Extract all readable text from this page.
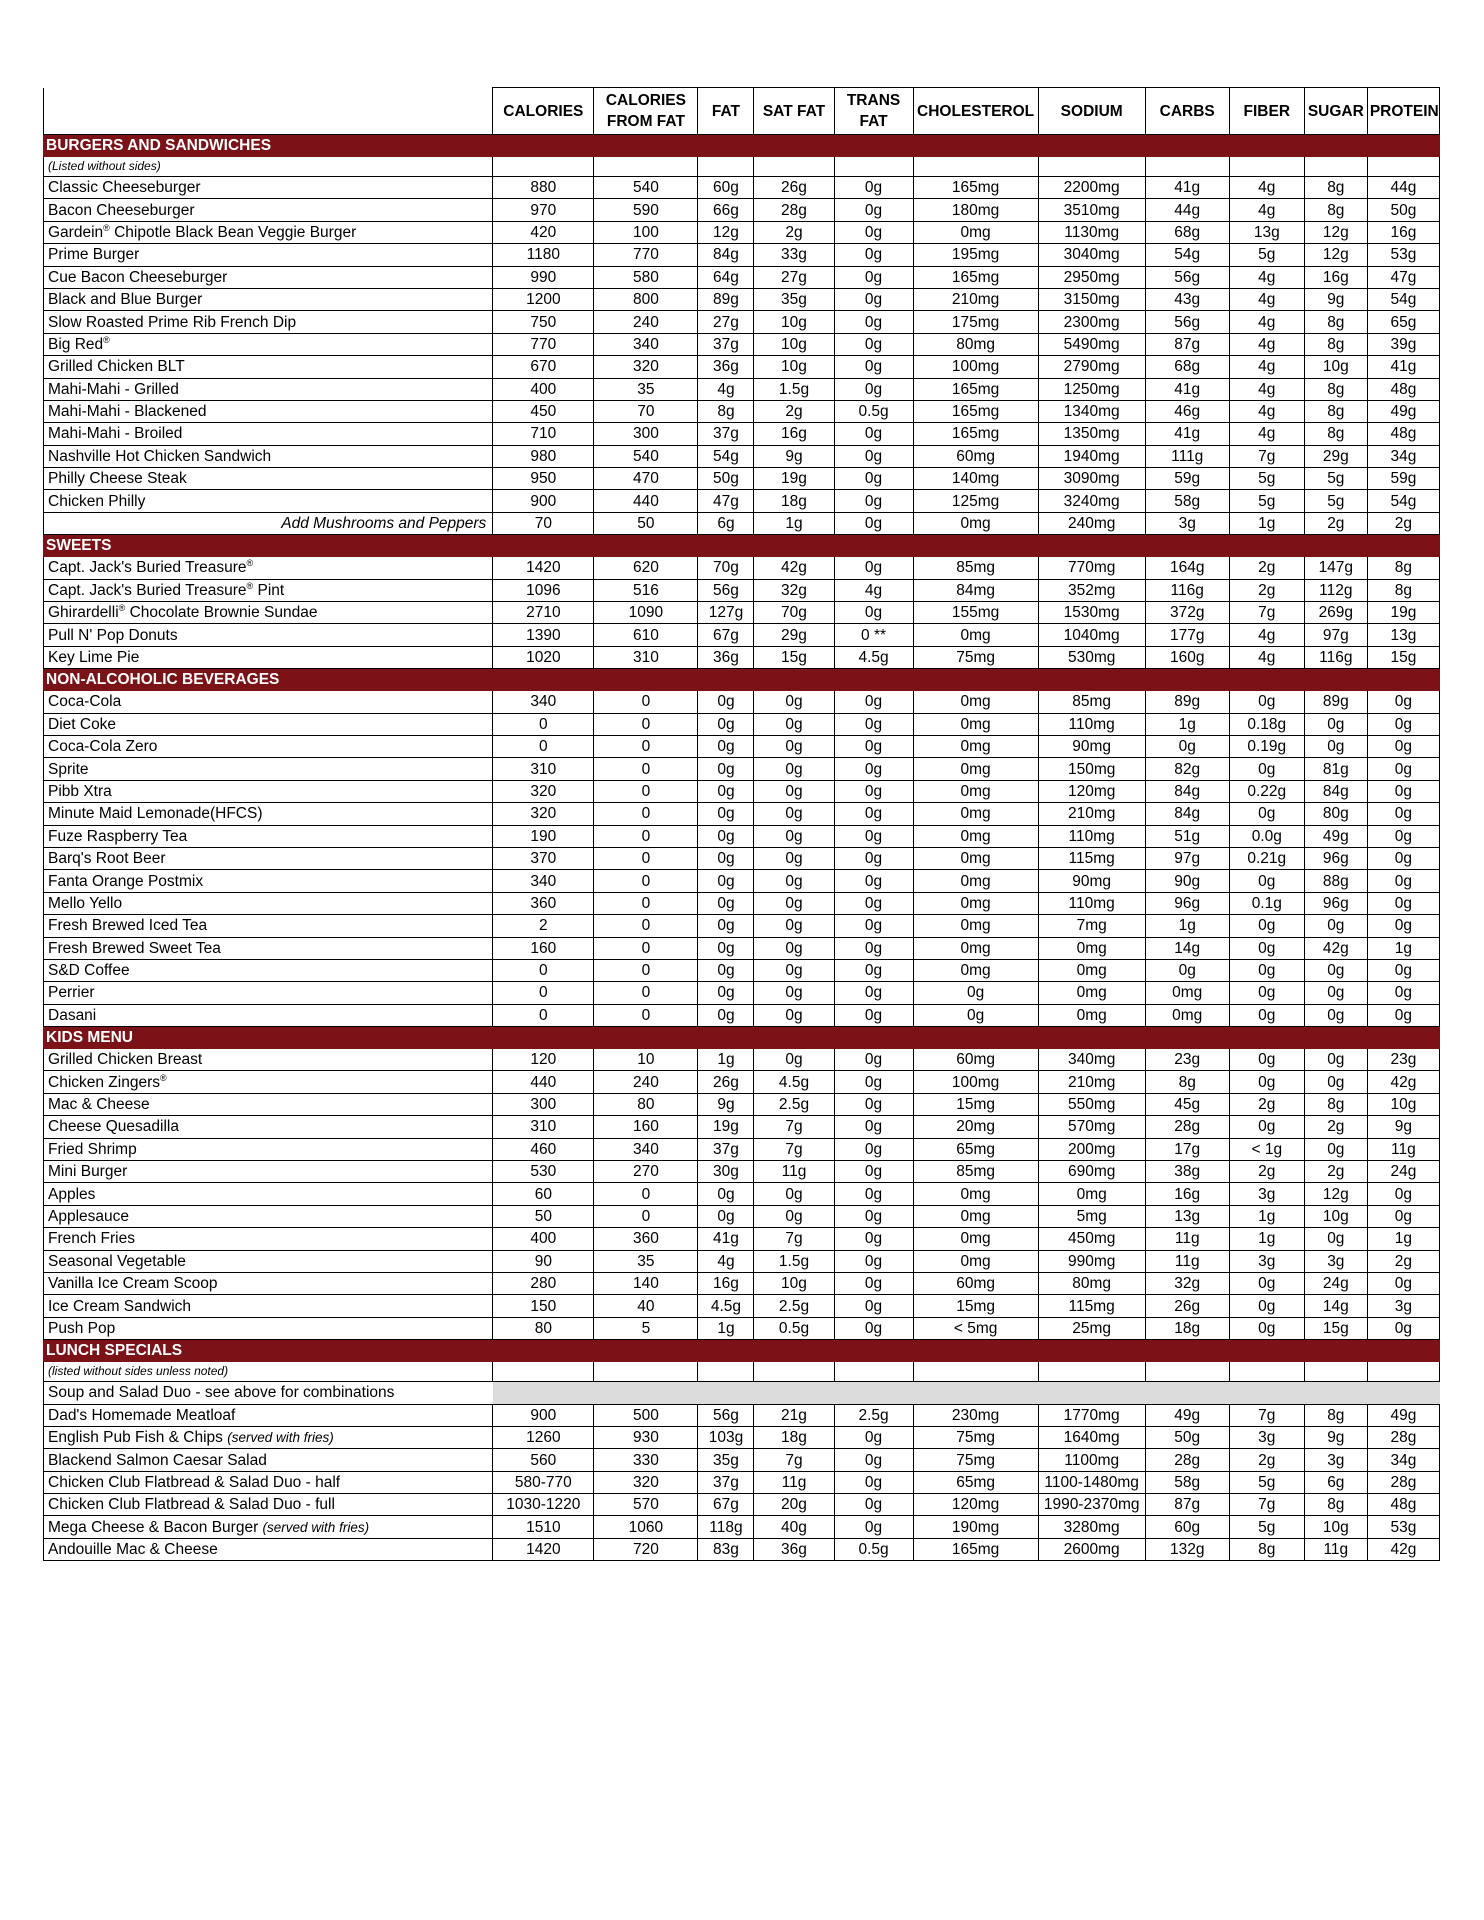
	CALORIES	CALORIES FROM FAT	FAT	SAT FAT	TRANS FAT	CHOLESTEROL	SODIUM	CARBS	FIBER	SUGAR	PROTEIN
BURGERS AND SANDWICHES											
(Listed without sides)											
Classic Cheeseburger	880	540	60g	26g	0g	165mg	2200mg	41g	4g	8g	44g
Bacon Cheeseburger	970	590	66g	28g	0g	180mg	3510mg	44g	4g	8g	50g
Gardein® Chipotle Black Bean Veggie Burger	420	100	12g	2g	0g	0mg	1130mg	68g	13g	12g	16g
Prime Burger	1180	770	84g	33g	0g	195mg	3040mg	54g	5g	12g	53g
Cue Bacon Cheeseburger	990	580	64g	27g	0g	165mg	2950mg	56g	4g	16g	47g
Black and Blue Burger	1200	800	89g	35g	0g	210mg	3150mg	43g	4g	9g	54g
Slow Roasted Prime Rib French Dip	750	240	27g	10g	0g	175mg	2300mg	56g	4g	8g	65g
Big Red®	770	340	37g	10g	0g	80mg	5490mg	87g	4g	8g	39g
Grilled Chicken BLT	670	320	36g	10g	0g	100mg	2790mg	68g	4g	10g	41g
Mahi-Mahi - Grilled	400	35	4g	1.5g	0g	165mg	1250mg	41g	4g	8g	48g
Mahi-Mahi - Blackened	450	70	8g	2g	0.5g	165mg	1340mg	46g	4g	8g	49g
Mahi-Mahi - Broiled	710	300	37g	16g	0g	165mg	1350mg	41g	4g	8g	48g
Nashville Hot Chicken Sandwich	980	540	54g	9g	0g	60mg	1940mg	111g	7g	29g	34g
Philly Cheese Steak	950	470	50g	19g	0g	140mg	3090mg	59g	5g	5g	59g
Chicken Philly	900	440	47g	18g	0g	125mg	3240mg	58g	5g	5g	54g
Add Mushrooms and Peppers	70	50	6g	1g	0g	0mg	240mg	3g	1g	2g	2g
SWEETS											
Capt. Jack's Buried Treasure®	1420	620	70g	42g	0g	85mg	770mg	164g	2g	147g	8g
Capt. Jack's Buried Treasure® Pint	1096	516	56g	32g	4g	84mg	352mg	116g	2g	112g	8g
Ghirardelli® Chocolate Brownie Sundae	2710	1090	127g	70g	0g	155mg	1530mg	372g	7g	269g	19g
Pull N' Pop Donuts	1390	610	67g	29g	0 **	0mg	1040mg	177g	4g	97g	13g
Key Lime Pie	1020	310	36g	15g	4.5g	75mg	530mg	160g	4g	116g	15g
NON-ALCOHOLIC BEVERAGES											
Coca-Cola	340	0	0g	0g	0g	0mg	85mg	89g	0g	89g	0g
Diet Coke	0	0	0g	0g	0g	0mg	110mg	1g	0.18g	0g	0g
Coca-Cola Zero	0	0	0g	0g	0g	0mg	90mg	0g	0.19g	0g	0g
Sprite	310	0	0g	0g	0g	0mg	150mg	82g	0g	81g	0g
Pibb Xtra	320	0	0g	0g	0g	0mg	120mg	84g	0.22g	84g	0g
Minute Maid Lemonade(HFCS)	320	0	0g	0g	0g	0mg	210mg	84g	0g	80g	0g
Fuze Raspberry Tea	190	0	0g	0g	0g	0mg	110mg	51g	0.0g	49g	0g
Barq's Root Beer	370	0	0g	0g	0g	0mg	115mg	97g	0.21g	96g	0g
Fanta Orange Postmix	340	0	0g	0g	0g	0mg	90mg	90g	0g	88g	0g
Mello Yello	360	0	0g	0g	0g	0mg	110mg	96g	0.1g	96g	0g
Fresh Brewed Iced Tea	2	0	0g	0g	0g	0mg	7mg	1g	0g	0g	0g
Fresh Brewed Sweet Tea	160	0	0g	0g	0g	0mg	0mg	14g	0g	42g	1g
S&D Coffee	0	0	0g	0g	0g	0mg	0mg	0g	0g	0g	0g
Perrier	0	0	0g	0g	0g	0g	0mg	0mg	0g	0g	0g
Dasani	0	0	0g	0g	0g	0g	0mg	0mg	0g	0g	0g
KIDS MENU											
Grilled Chicken Breast	120	10	1g	0g	0g	60mg	340mg	23g	0g	0g	23g
Chicken Zingers®	440	240	26g	4.5g	0g	100mg	210mg	8g	0g	0g	42g
Mac & Cheese	300	80	9g	2.5g	0g	15mg	550mg	45g	2g	8g	10g
Cheese Quesadilla	310	160	19g	7g	0g	20mg	570mg	28g	0g	2g	9g
Fried Shrimp	460	340	37g	7g	0g	65mg	200mg	17g	< 1g	0g	11g
Mini Burger	530	270	30g	11g	0g	85mg	690mg	38g	2g	2g	24g
Apples	60	0	0g	0g	0g	0mg	0mg	16g	3g	12g	0g
Applesauce	50	0	0g	0g	0g	0mg	5mg	13g	1g	10g	0g
French Fries	400	360	41g	7g	0g	0mg	450mg	11g	1g	0g	1g
Seasonal Vegetable	90	35	4g	1.5g	0g	0mg	990mg	11g	3g	3g	2g
Vanilla Ice Cream Scoop	280	140	16g	10g	0g	60mg	80mg	32g	0g	24g	0g
Ice Cream Sandwich	150	40	4.5g	2.5g	0g	15mg	115mg	26g	0g	14g	3g
Push Pop	80	5	1g	0.5g	0g	< 5mg	25mg	18g	0g	15g	0g
LUNCH SPECIALS											
(listed without sides unless noted)											
Soup and Salad Duo - see above for combinations											
Dad's Homemade Meatloaf	900	500	56g	21g	2.5g	230mg	1770mg	49g	7g	8g	49g
English Pub Fish & Chips (served with fries)	1260	930	103g	18g	0g	75mg	1640mg	50g	3g	9g	28g
Blackend Salmon Caesar Salad	560	330	35g	7g	0g	75mg	1100mg	28g	2g	3g	34g
Chicken Club Flatbread & Salad Duo - half	580-770	320	37g	11g	0g	65mg	1100-1480mg	58g	5g	6g	28g
Chicken Club Flatbread & Salad Duo - full	1030-1220	570	67g	20g	0g	120mg	1990-2370mg	87g	7g	8g	48g
Mega Cheese & Bacon Burger (served with fries)	1510	1060	118g	40g	0g	190mg	3280mg	60g	5g	10g	53g
Andouille Mac & Cheese	1420	720	83g	36g	0.5g	165mg	2600mg	132g	8g	11g	42g
